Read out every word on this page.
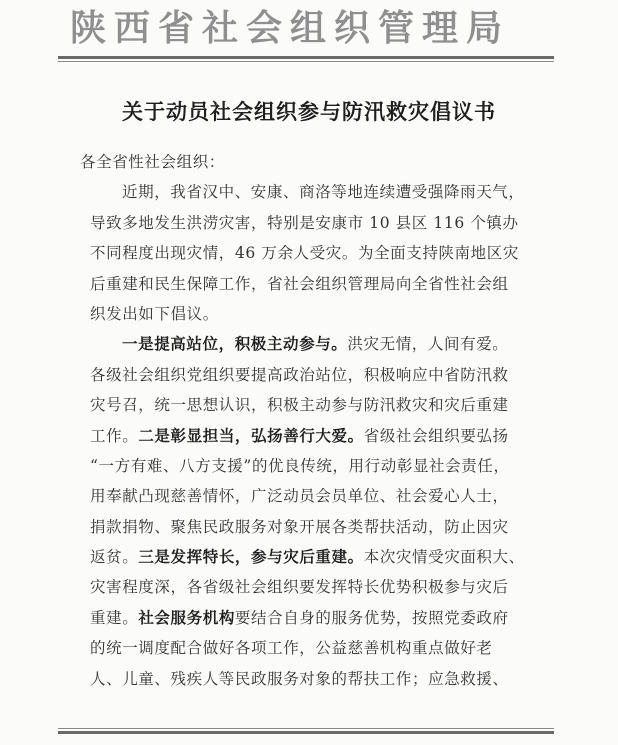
陕西省社会组织管理局
关于动员社会组织参与防汛救灾倡议书
各全省性社会组织：
近期，我省汉中、安康、商洛等地连续遭受强降雨天气，
导致多地发生洪涝灾害，特别是安康市 10 县区 116 个镇办
不同程度出现灾情，46 万余人受灾。为全面支持陕南地区灾
后重建和民生保障工作，省社会组织管理局向全省性社会组
织发出如下倡议。
一是提高站位，积极主动参与。洪灾无情，人间有爱。
各级社会组织党组织要提高政治站位，积极响应中省防汛救
灾号召，统一思想认识，积极主动参与防汛救灾和灾后重建
工作。二是彰显担当，弘扬善行大爱。省级社会组织要弘扬
“一方有难、八方支援”的优良传统，用行动彰显社会责任，
用奉献凸现慈善情怀，广泛动员会员单位、社会爱心人士，
捐款捐物、聚焦民政服务对象开展各类帮扶活动，防止因灾
返贫。三是发挥特长，参与灾后重建。本次灾情受灾面积大、
灾害程度深，各省级社会组织要发挥特长优势积极参与灾后
重建。社会服务机构要结合自身的服务优势，按照党委政府
的统一调度配合做好各项工作，公益慈善机构重点做好老
人、儿童、残疾人等民政服务对象的帮扶工作；应急救援、
